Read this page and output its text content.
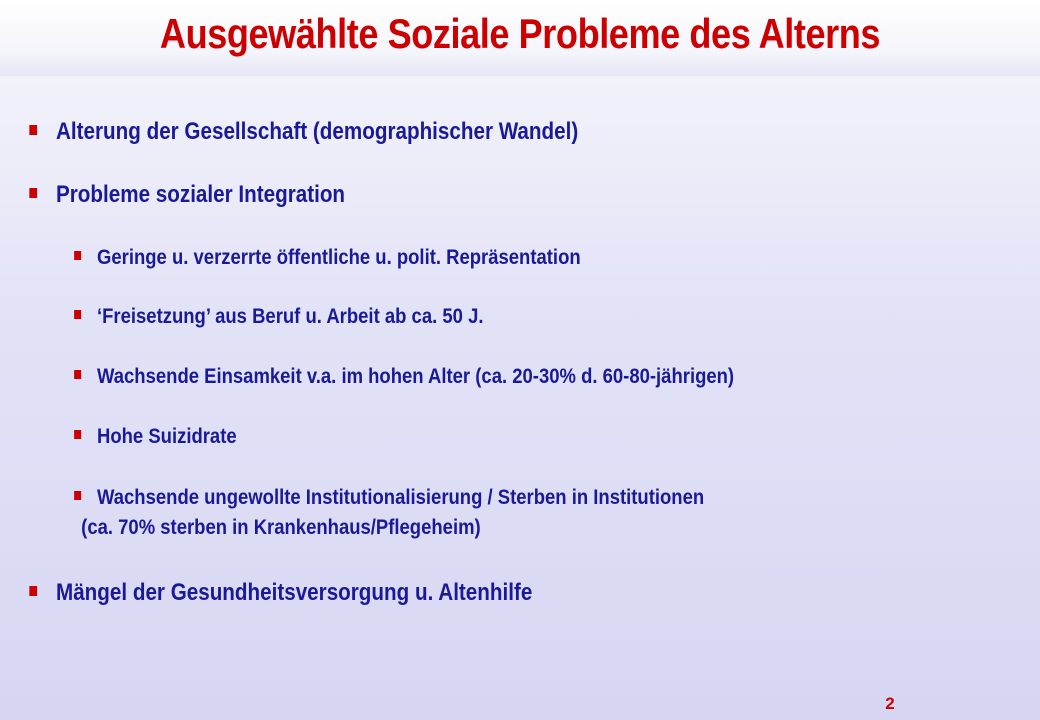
Ausgewählte Soziale Probleme des Alterns
Alterung der Gesellschaft (demographischer Wandel)
Probleme sozialer Integration
Geringe u. verzerrte öffentliche u. polit. Repräsentation
‘Freisetzung’ aus Beruf u. Arbeit ab ca. 50 J.
Wachsende Einsamkeit v.a. im hohen Alter (ca. 20-30% d. 60-80-jährigen)
Hohe Suizidrate
Wachsende ungewollte Institutionalisierung / Sterben in Institutionen
(ca. 70% sterben in Krankenhaus/Pflegeheim)
Mängel der Gesundheitsversorgung u. Altenhilfe
2
